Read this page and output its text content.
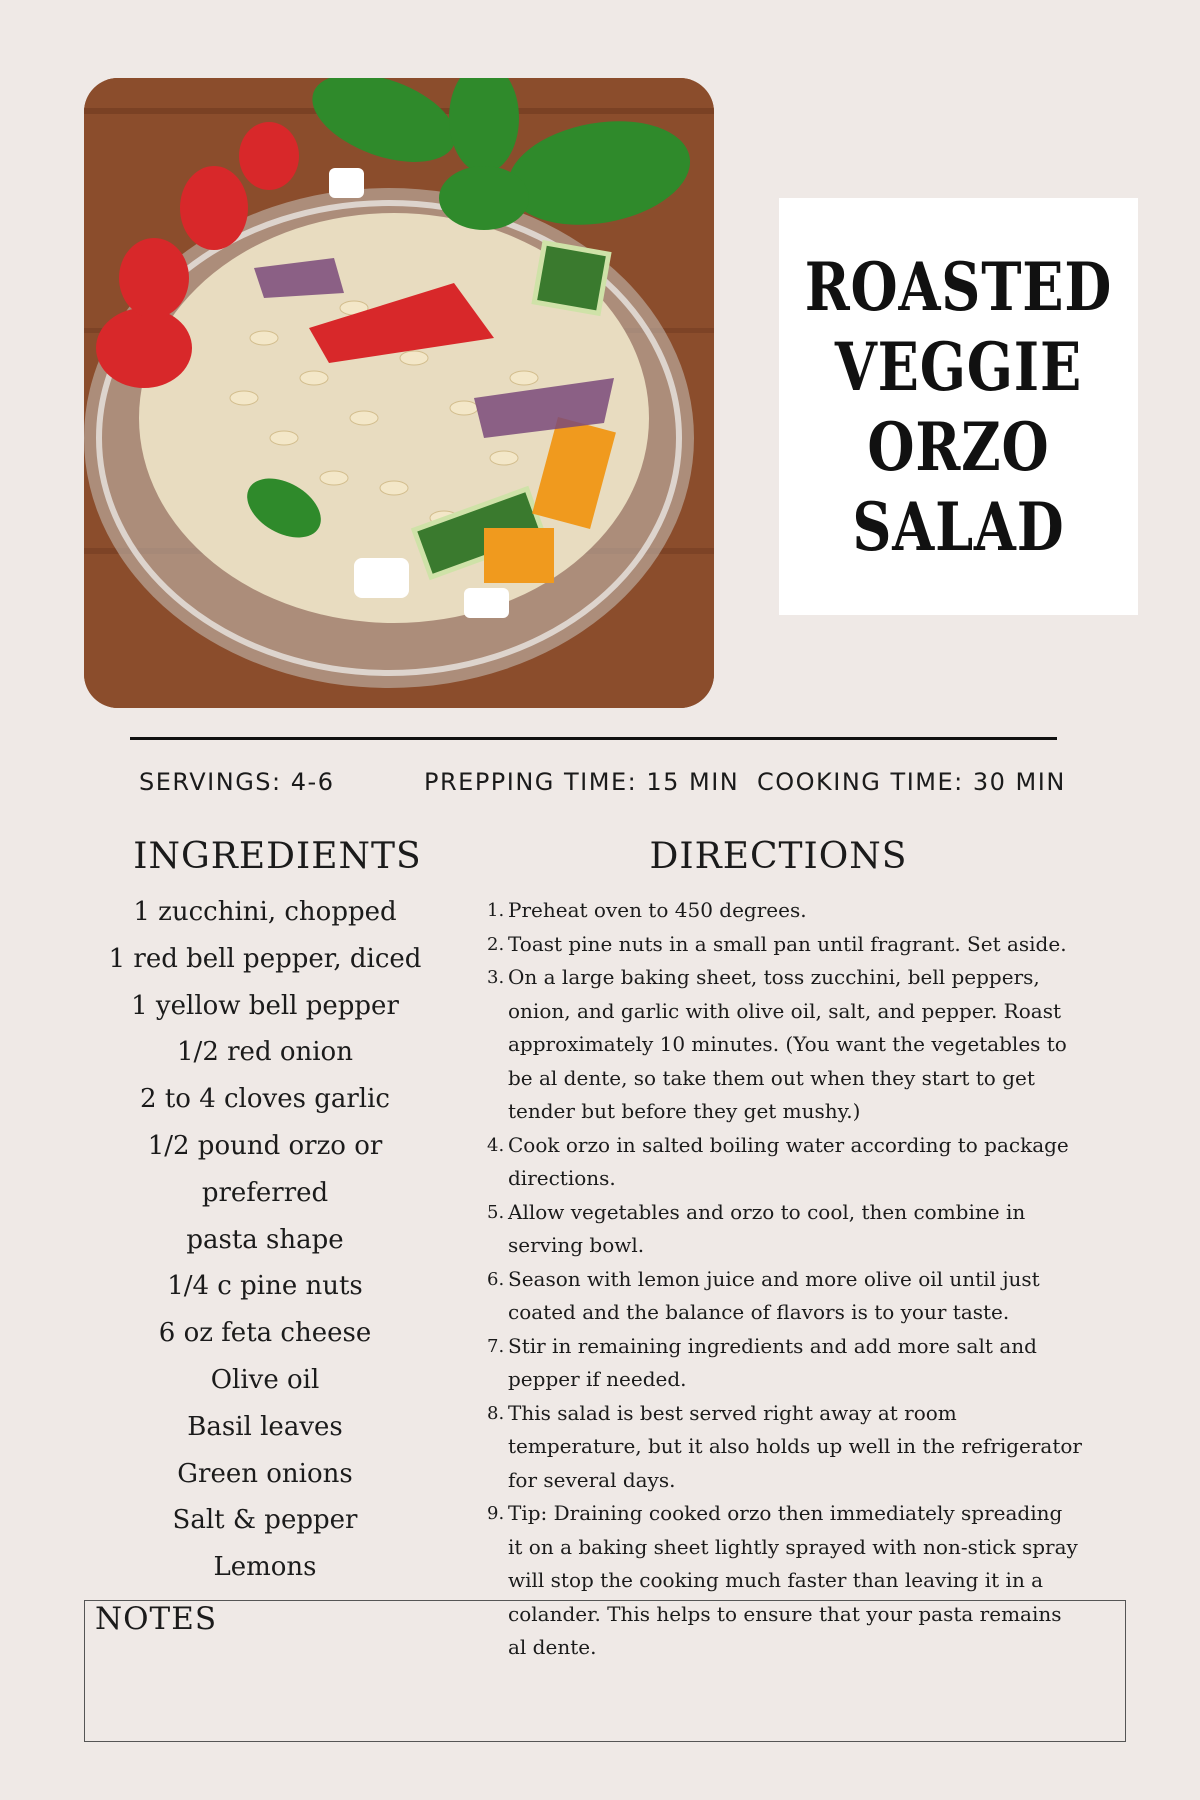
ROASTED
VEGGIE
ORZO
SALAD
SERVINGS: 4-6	PREPPING TIME: 15 MIN COOKING TIME: 30 MIN
INGREDIENTS	DIRECTIONS
1 zucchini, chopped
1 red bell pepper, diced
1 yellow bell pepper
1/2 red onion
2 to 4 cloves garlic
1/2 pound orzo or preferred
pasta shape
1/4 c pine nuts
6 oz feta cheese
Olive oil
Basil leaves
Green onions
Salt & pepper
Lemons
1. Preheat oven to 450 degrees.
2. Toast pine nuts in a small pan until fragrant. Set aside.
3. On a large baking sheet, toss zucchini, bell peppers, onion, and garlic with olive oil, salt, and pepper. Roast approximately 10 minutes. (You want the vegetables to be al dente, so take them out when they start to get tender but before they get mushy.)
4. Cook orzo in salted boiling water according to package directions.
5. Allow vegetables and orzo to cool, then combine in serving bowl.
6. Season with lemon juice and more olive oil until just coated and the balance of flavors is to your taste.
7. Stir in remaining ingredients and add more salt and pepper if needed.
8. This salad is best served right away at room temperature, but it also holds up well in the refrigerator for several days.
9. Tip: Draining cooked orzo then immediately spreading it on a baking sheet lightly sprayed with non-stick spray will stop the cooking much faster than leaving it in a colander. This helps to ensure that your pasta remains al dente.
NOTES
